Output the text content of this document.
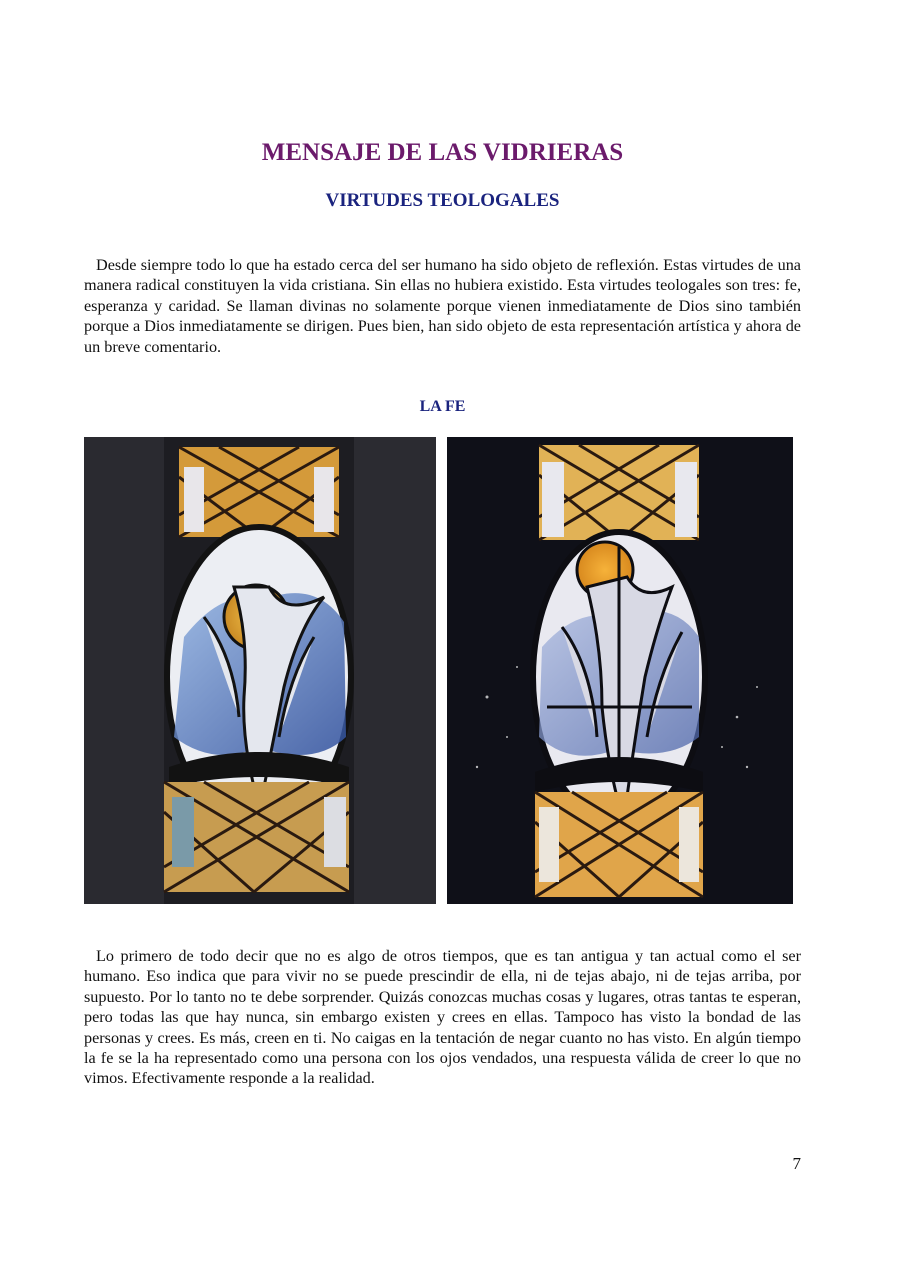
MENSAJE DE LAS VIDRIERAS
VIRTUDES TEOLOGALES

Desde siempre todo lo que ha estado cerca del ser humano ha sido objeto de reflexión. Estas virtudes de una manera radical constituyen la vida cristiana. Sin ellas no hubiera existido. Esta virtudes teologales son tres: fe, esperanza y caridad. Se llaman divinas no solamente porque vienen inmediatamente de Dios sino también porque a Dios inmediatamente se dirigen. Pues bien, han sido objeto de esta representación artística y ahora de un breve comentario.

LA FE

Lo primero de todo decir que no es algo de otros tiempos, que es tan antigua y tan actual como el ser humano. Eso indica que para vivir no se puede prescindir de ella, ni de tejas abajo, ni de tejas arriba, por supuesto. Por lo tanto no te debe sorprender. Quizás conozcas muchas cosas y lugares, otras tantas te esperan, pero todas las que hay nunca, sin embargo existen y crees en ellas. Tampoco has visto la bondad de las personas y crees. Es más, creen en ti. No caigas en la tentación de negar cuanto no has visto. En algún tiempo la fe se la ha representado como una persona con los ojos vendados, una respuesta válida de creer lo que no vimos. Efectivamente responde a la realidad.

7
